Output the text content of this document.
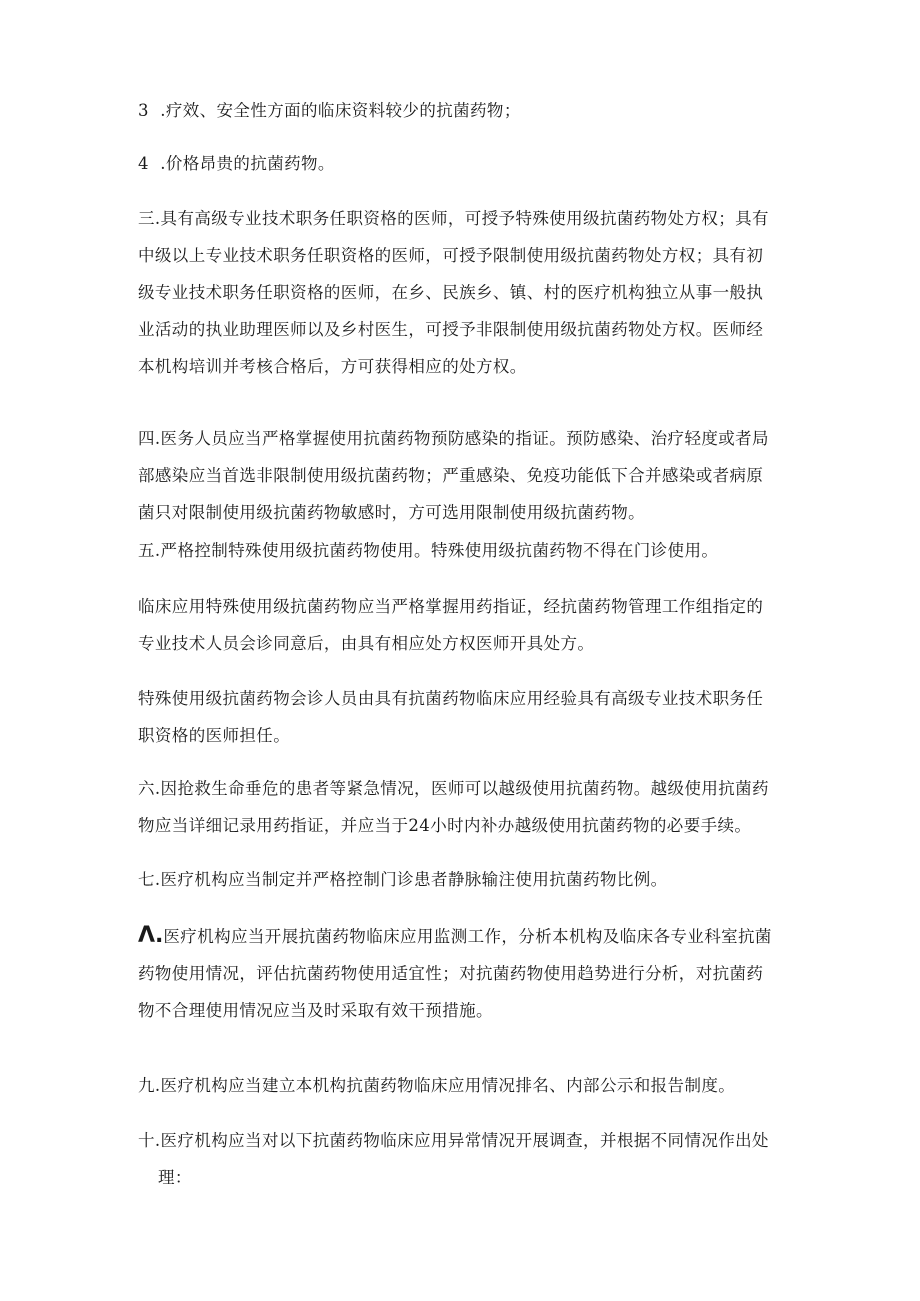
3  .疗效、安全性方面的临床资料较少的抗菌药物；

4  .价格昂贵的抗菌药物。

三.具有高级专业技术职务任职资格的医师，可授予特殊使用级抗菌药物处方权；具有中级以上专业技术职务任职资格的医师，可授予限制使用级抗菌药物处方权；具有初级专业技术职务任职资格的医师，在乡、民族乡、镇、村的医疗机构独立从事一般执业活动的执业助理医师以及乡村医生，可授予非限制使用级抗菌药物处方权。医师经本机构培训并考核合格后，方可获得相应的处方权。

四.医务人员应当严格掌握使用抗菌药物预防感染的指证。预防感染、治疗轻度或者局部感染应当首选非限制使用级抗菌药物；严重感染、免疫功能低下合并感染或者病原菌只对限制使用级抗菌药物敏感时，方可选用限制使用级抗菌药物。

五.严格控制特殊使用级抗菌药物使用。特殊使用级抗菌药物不得在门诊使用。

临床应用特殊使用级抗菌药物应当严格掌握用药指证，经抗菌药物管理工作组指定的专业技术人员会诊同意后，由具有相应处方权医师开具处方。

特殊使用级抗菌药物会诊人员由具有抗菌药物临床应用经验具有高级专业技术职务任职资格的医师担任。

六.因抢救生命垂危的患者等紧急情况，医师可以越级使用抗菌药物。越级使用抗菌药物应当详细记录用药指证，并应当于24小时内补办越级使用抗菌药物的必要手续。

七.医疗机构应当制定并严格控制门诊患者静脉输注使用抗菌药物比例。

Λ.医疗机构应当开展抗菌药物临床应用监测工作，分析本机构及临床各专业科室抗菌药物使用情况，评估抗菌药物使用适宜性；对抗菌药物使用趋势进行分析，对抗菌药物不合理使用情况应当及时采取有效干预措施。

九.医疗机构应当建立本机构抗菌药物临床应用情况排名、内部公示和报告制度。

十.医疗机构应当对以下抗菌药物临床应用异常情况开展调查，并根据不同情况作出处
理：
